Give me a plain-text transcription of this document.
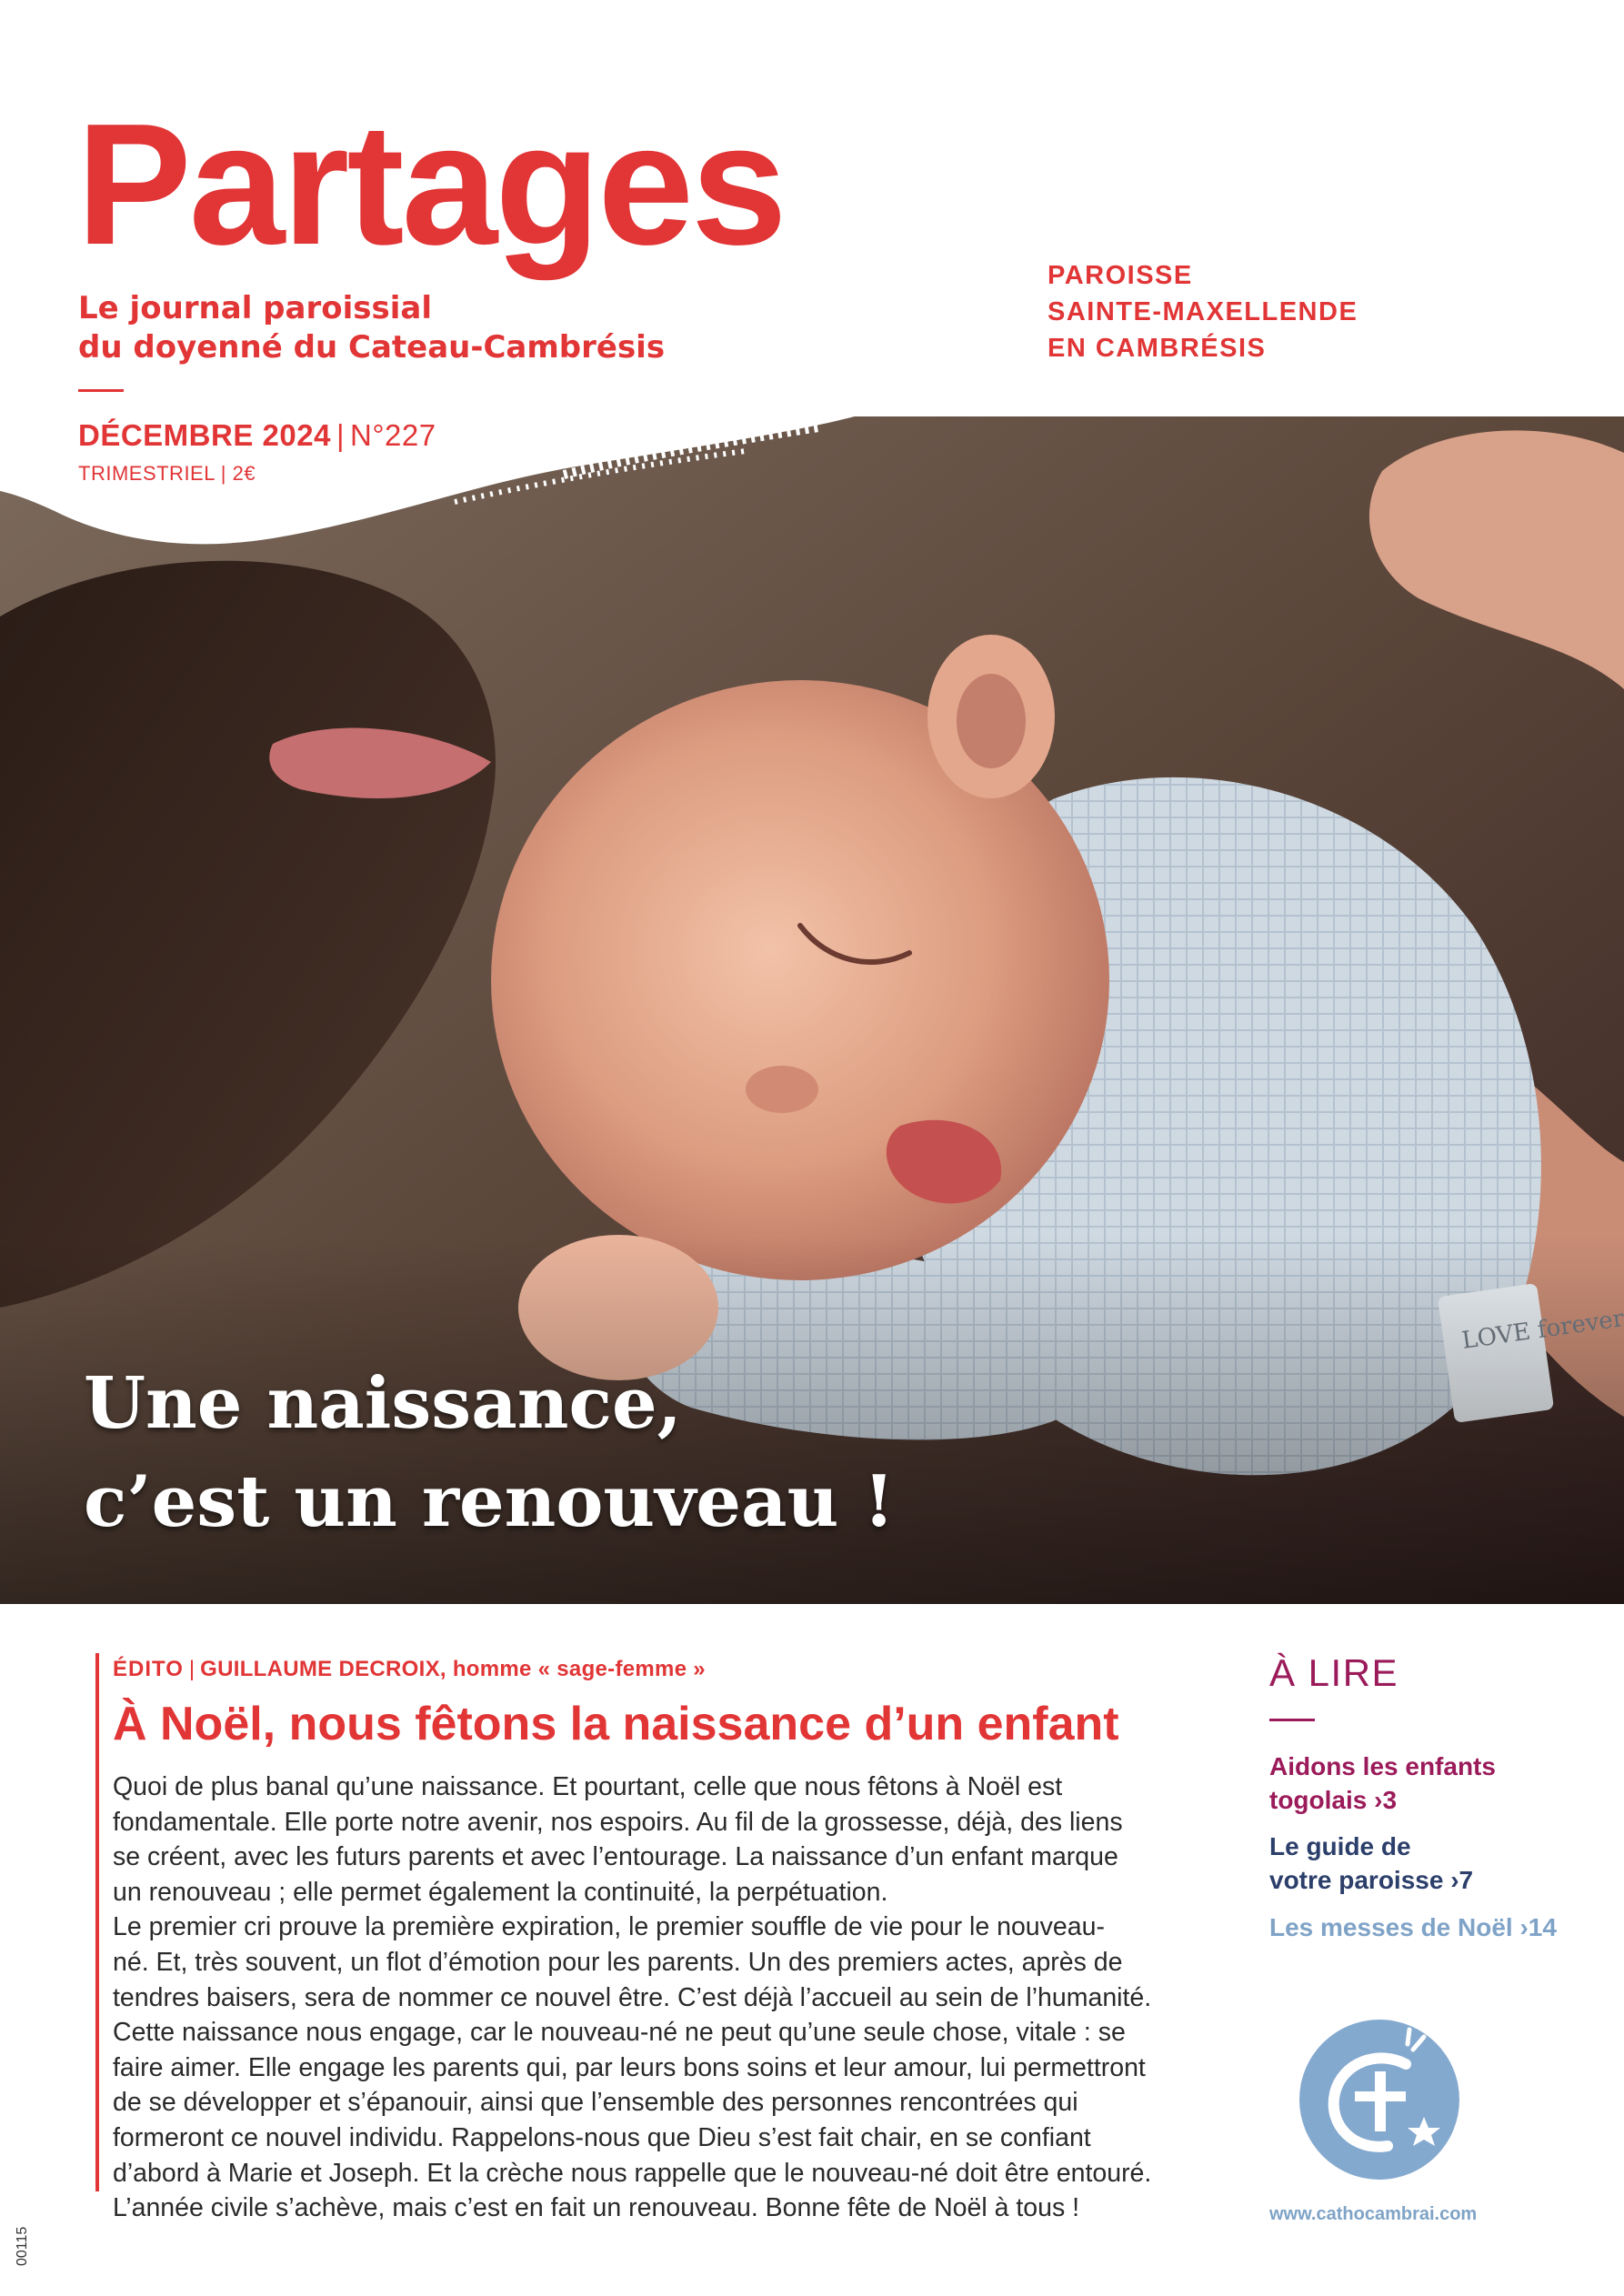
Partages
Le journal paroissial
du doyenné du Cateau-Cambrésis
PAROISSE
SAINTE-MAXELLENDE
EN CAMBRÉSIS
DÉCEMBRE 2024 | N°227
TRIMESTRIEL | 2€
Une naissance,
c’est un renouveau !
ÉDITO | GUILLAUME DECROIX, homme « sage-femme »
À Noël, nous fêtons la naissance d’un enfant

Quoi de plus banal qu’une naissance. Et pourtant, celle que nous fêtons à Noël est

fondamentale. Elle porte notre avenir, nos espoirs. Au fil de la grossesse, déjà, des liens

se créent, avec les futurs parents et avec l’entourage. La naissance d’un enfant marque

un renouveau ; elle permet également la continuité, la perpétuation.

Le premier cri prouve la première expiration, le premier souffle de vie pour le nouveau-

né. Et, très souvent, un flot d’émotion pour les parents. Un des premiers actes, après de

tendres baisers, sera de nommer ce nouvel être. C’est déjà l’accueil au sein de l’humanité.

Cette naissance nous engage, car le nouveau-né ne peut qu’une seule chose, vitale : se

faire aimer. Elle engage les parents qui, par leurs bons soins et leur amour, lui permettront

de se développer et s’épanouir, ainsi que l’ensemble des personnes rencontrées qui

formeront ce nouvel individu. Rappelons-nous que Dieu s’est fait chair, en se confiant

d’abord à Marie et Joseph. Et la crèche nous rappelle que le nouveau-né doit être entouré.

L’année civile s’achève, mais c’est en fait un renouveau. Bonne fête de Noël à tous !

À LIRE
Aidons les enfants
togolais ›3
Le guide de
votre paroisse ›7
Les messes de Noël ›14
www.cathocambrai.com
00115
